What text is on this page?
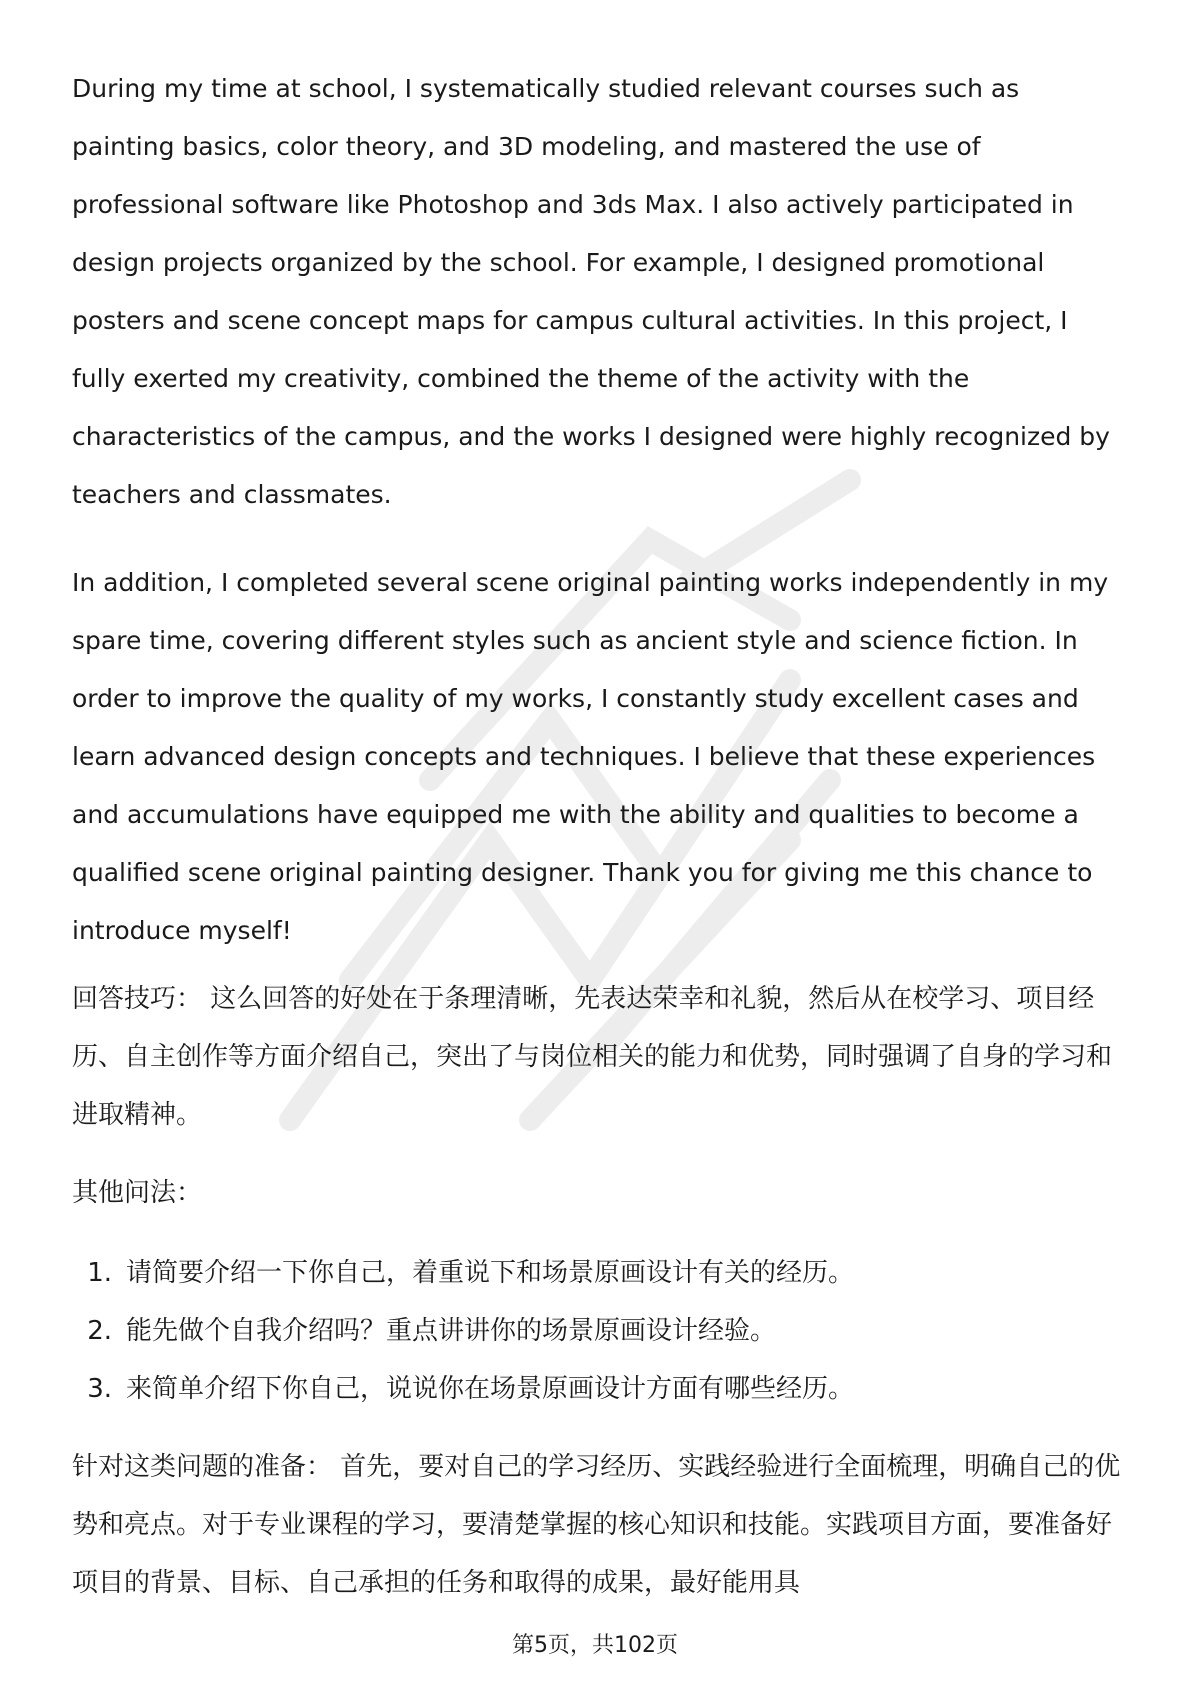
During my time at school, I systematically studied relevant courses such as painting basics, color theory, and 3D modeling, and mastered the use of professional software like Photoshop and 3ds Max. I also actively participated in design projects organized by the school. For example, I designed promotional posters and scene concept maps for campus cultural activities. In this project, I fully exerted my creativity, combined the theme of the activity with the characteristics of the campus, and the works I designed were highly recognized by teachers and classmates.

In addition, I completed several scene original painting works independently in my spare time, covering different styles such as ancient style and science fiction. In order to improve the quality of my works, I constantly study excellent cases and learn advanced design concepts and techniques. I believe that these experiences and accumulations have equipped me with the ability and qualities to become a qualified scene original painting designer. Thank you for giving me this chance to introduce myself!

回答技巧： 这么回答的好处在于条理清晰，先表达荣幸和礼貌，然后从在校学习、项目经历、自主创作等方面介绍自己，突出了与岗位相关的能力和优势，同时强调了自身的学习和进取精神。

其他问法：

1. 请简要介绍一下你自己，着重说下和场景原画设计有关的经历。
2. 能先做个自我介绍吗？重点讲讲你的场景原画设计经验。
3. 来简单介绍下你自己，说说你在场景原画设计方面有哪些经历。

针对这类问题的准备： 首先，要对自己的学习经历、实践经验进行全面梳理，明确自己的优势和亮点。对于专业课程的学习，要清楚掌握的核心知识和技能。实践项目方面，要准备好项目的背景、目标、自己承担的任务和取得的成果，最好能用具

第5页，共102页
